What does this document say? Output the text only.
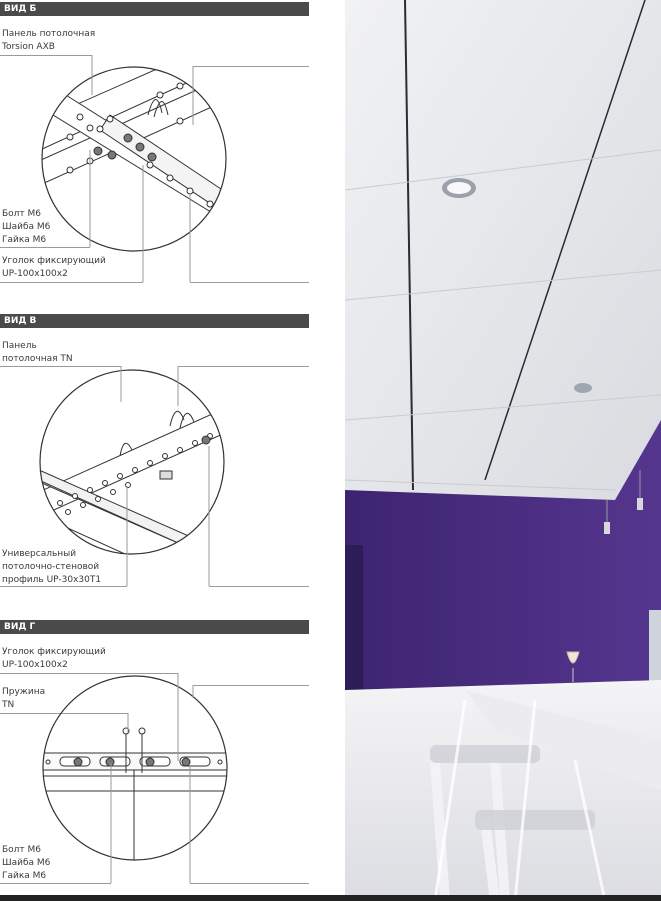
ВИД Б
Панель потолочная
Torsion AXB
Болт М6
Шайба М6
Гайка М6
Уголок фиксирующий
UP-100x100x2
ВИД В
Панель
потолочная TN
Универсальный
потолочно-стеновой
профиль UP-30x30T1
ВИД Г
Уголок фиксирующий
UP-100x100x2
Пружина
TN
Болт М6
Шайба М6
Гайка М6
